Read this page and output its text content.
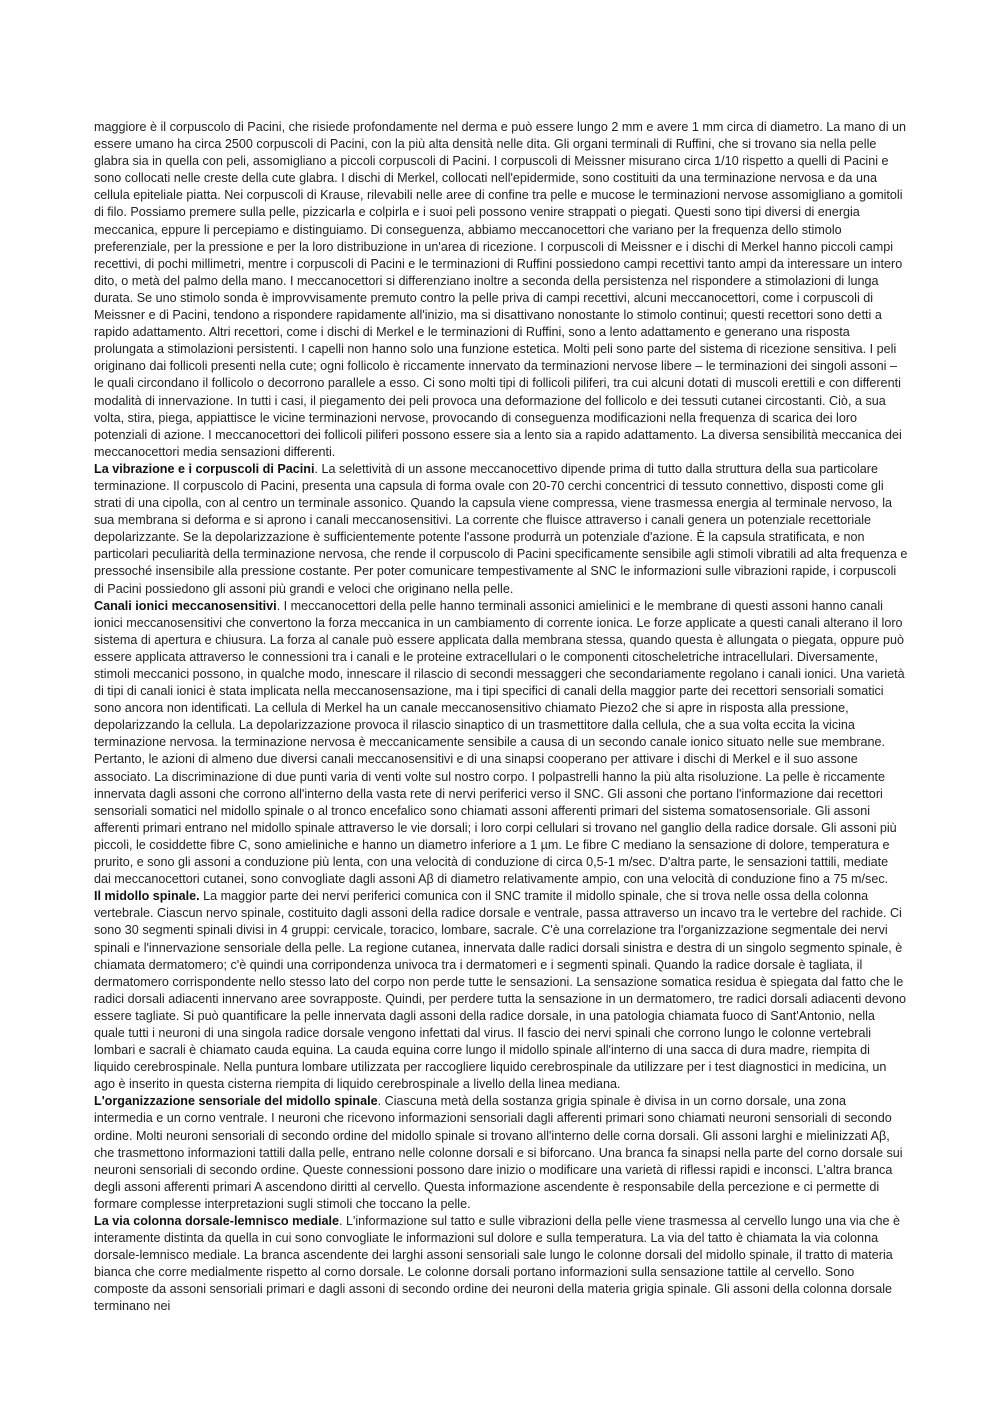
maggiore è il corpuscolo di Pacini, che risiede profondamente nel derma e può essere lungo 2 mm e avere 1 mm circa di diametro. La mano di un essere umano ha circa 2500 corpuscoli di Pacini, con la più alta densità nelle dita. Gli organi terminali di Ruffini, che si trovano sia nella pelle glabra sia in quella con peli, assomigliano a piccoli corpuscoli di Pacini. I corpuscoli di Meissner misurano circa 1/10 rispetto a quelli di Pacini e sono collocati nelle creste della cute glabra. I dischi di Merkel, collocati nell'epidermide, sono costituiti da una terminazione nervosa e da una cellula epiteliale piatta. Nei corpuscoli di Krause, rilevabili nelle aree di confine tra pelle e mucose le terminazioni nervose assomigliano a gomitoli di filo. Possiamo premere sulla pelle, pizzicarla e colpirla e i suoi peli possono venire strappati o piegati. Questi sono tipi diversi di energia meccanica, eppure li percepiamo e distinguiamo. Di conseguenza, abbiamo meccanocettori che variano per la frequenza dello stimolo preferenziale, per la pressione e per la loro distribuzione in un'area di ricezione. I corpuscoli di Meissner e i dischi di Merkel hanno piccoli campi recettivi, di pochi millimetri, mentre i corpuscoli di Pacini e le terminazioni di Ruffini possiedono campi recettivi tanto ampi da interessare un intero dito, o metà del palmo della mano. I meccanocettori si differenziano inoltre a seconda della persistenza nel rispondere a stimolazioni di lunga durata. Se uno stimolo sonda è improvvisamente premuto contro la pelle priva di campi recettivi, alcuni meccanocettori, come i corpuscoli di Meissner e di Pacini, tendono a rispondere rapidamente all'inizio, ma si disattivano nonostante lo stimolo continui; questi recettori sono detti a rapido adattamento. Altri recettori, come i dischi di Merkel e le terminazioni di Ruffini, sono a lento adattamento e generano una risposta prolungata a stimolazioni persistenti. I capelli non hanno solo una funzione estetica. Molti peli sono parte del sistema di ricezione sensitiva. I peli originano dai follicoli presenti nella cute; ogni follicolo è riccamente innervato da terminazioni nervose libere – le terminazioni dei singoli assoni – le quali circondano il follicolo o decorrono parallele a esso. Ci sono molti tipi di follicoli piliferi, tra cui alcuni dotati di muscoli erettili e con differenti modalità di innervazione. In tutti i casi, il piegamento dei peli provoca una deformazione del follicolo e dei tessuti cutanei circostanti. Ciò, a sua volta, stira, piega, appiattisce le vicine terminazioni nervose, provocando di conseguenza modificazioni nella frequenza di scarica dei loro potenziali di azione. I meccanocettori dei follicoli piliferi possono essere sia a lento sia a rapido adattamento. La diversa sensibilità meccanica dei meccanocettori media sensazioni differenti.

La vibrazione e i corpuscoli di Pacini. La selettività di un assone meccanocettivo dipende prima di tutto dalla struttura della sua particolare terminazione. Il corpuscolo di Pacini, presenta una capsula di forma ovale con 20-70 cerchi concentrici di tessuto connettivo, disposti come gli strati di una cipolla, con al centro un terminale assonico. Quando la capsula viene compressa, viene trasmessa energia al terminale nervoso, la sua membrana si deforma e si aprono i canali meccanosensitivi. La corrente che fluisce attraverso i canali genera un potenziale recettoriale depolarizzante. Se la depolarizzazione è sufficientemente potente l'assone produrrà un potenziale d'azione. È la capsula stratificata, e non particolari peculiarità della terminazione nervosa, che rende il corpuscolo di Pacini specificamente sensibile agli stimoli vibratili ad alta frequenza e pressoché insensibile alla pressione costante. Per poter comunicare tempestivamente al SNC le informazioni sulle vibrazioni rapide, i corpuscoli di Pacini possiedono gli assoni più grandi e veloci che originano nella pelle.

Canali ionici meccanosensitivi. I meccanocettori della pelle hanno terminali assonici amielinici e le membrane di questi assoni hanno canali ionici meccanosensitivi che convertono la forza meccanica in un cambiamento di corrente ionica. Le forze applicate a questi canali alterano il loro sistema di apertura e chiusura. La forza al canale può essere applicata dalla membrana stessa, quando questa è allungata o piegata, oppure può essere applicata attraverso le connessioni tra i canali e le proteine extracellulari o le componenti citoscheletriche intracellulari. Diversamente, stimoli meccanici possono, in qualche modo, innescare il rilascio di secondi messaggeri che secondariamente regolano i canali ionici. Una varietà di tipi di canali ionici è stata implicata nella meccanosensazione, ma i tipi specifici di canali della maggior parte dei recettori sensoriali somatici sono ancora non identificati. La cellula di Merkel ha un canale meccanosensitivo chiamato Piezo2 che si apre in risposta alla pressione, depolarizzando la cellula. La depolarizzazione provoca il rilascio sinaptico di un trasmettitore dalla cellula, che a sua volta eccita la vicina terminazione nervosa. la terminazione nervosa è meccanicamente sensibile a causa di un secondo canale ionico situato nelle sue membrane. Pertanto, le azioni di almeno due diversi canali meccanosensitivi e di una sinapsi cooperano per attivare i dischi di Merkel e il suo assone associato. La discriminazione di due punti varia di venti volte sul nostro corpo. I polpastrelli hanno la più alta risoluzione. La pelle è riccamente innervata dagli assoni che corrono all'interno della vasta rete di nervi periferici verso il SNC. Gli assoni che portano l'informazione dai recettori sensoriali somatici nel midollo spinale o al tronco encefalico sono chiamati assoni afferenti primari del sistema somatosensoriale. Gli assoni afferenti primari entrano nel midollo spinale attraverso le vie dorsali; i loro corpi cellulari si trovano nel ganglio della radice dorsale. Gli assoni più piccoli, le cosiddette fibre C, sono amieliniche e hanno un diametro inferiore a 1 µm. Le fibre C mediano la sensazione di dolore, temperatura e prurito, e sono gli assoni a conduzione più lenta, con una velocità di conduzione di circa 0,5-1 m/sec. D'altra parte, le sensazioni tattili, mediate dai meccanocettori cutanei, sono convogliate dagli assoni Aβ di diametro relativamente ampio, con una velocità di conduzione fino a 75 m/sec.

Il midollo spinale. La maggior parte dei nervi periferici comunica con il SNC tramite il midollo spinale, che si trova nelle ossa della colonna vertebrale. Ciascun nervo spinale, costituito dagli assoni della radice dorsale e ventrale, passa attraverso un incavo tra le vertebre del rachide. Ci sono 30 segmenti spinali divisi in 4 gruppi: cervicale, toracico, lombare, sacrale. C'è una correlazione tra l'organizzazione segmentale dei nervi spinali e l'innervazione sensoriale della pelle. La regione cutanea, innervata dalle radici dorsali sinistra e destra di un singolo segmento spinale, è chiamata dermatomero; c'è quindi una corripondenza univoca tra i dermatomeri e i segmenti spinali. Quando la radice dorsale è tagliata, il dermatomero corrispondente nello stesso lato del corpo non perde tutte le sensazioni. La sensazione somatica residua è spiegata dal fatto che le radici dorsali adiacenti innervano aree sovrapposte. Quindi, per perdere tutta la sensazione in un dermatomero, tre radici dorsali adiacenti devono essere tagliate. Si può quantificare la pelle innervata dagli assoni della radice dorsale, in una patologia chiamata fuoco di Sant'Antonio, nella quale tutti i neuroni di una singola radice dorsale vengono infettati dal virus. Il fascio dei nervi spinali che corrono lungo le colonne vertebrali lombari e sacrali è chiamato cauda equina. La cauda equina corre lungo il midollo spinale all'interno di una sacca di dura madre, riempita di liquido cerebrospinale. Nella puntura lombare utilizzata per raccogliere liquido cerebrospinale da utilizzare per i test diagnostici in medicina, un ago è inserito in questa cisterna riempita di liquido cerebrospinale a livello della linea mediana.

L'organizzazione sensoriale del midollo spinale. Ciascuna metà della sostanza grigia spinale è divisa in un corno dorsale, una zona intermedia e un corno ventrale. I neuroni che ricevono informazioni sensoriali dagli afferenti primari sono chiamati neuroni sensoriali di secondo ordine. Molti neuroni sensoriali di secondo ordine del midollo spinale si trovano all'interno delle corna dorsali. Gli assoni larghi e mielinizzati Aβ, che trasmettono informazioni tattili dalla pelle, entrano nelle colonne dorsali e si biforcano. Una branca fa sinapsi nella parte del corno dorsale sui neuroni sensoriali di secondo ordine. Queste connessioni possono dare inizio o modificare una varietà di riflessi rapidi e inconsci. L'altra branca degli assoni afferenti primari A ascendono diritti al cervello. Questa informazione ascendente è responsabile della percezione e ci permette di formare complesse interpretazioni sugli stimoli che toccano la pelle.

La via colonna dorsale-lemnisco mediale. L'informazione sul tatto e sulle vibrazioni della pelle viene trasmessa al cervello lungo una via che è interamente distinta da quella in cui sono convogliate le informazioni sul dolore e sulla temperatura. La via del tatto è chiamata la via colonna dorsale-lemnisco mediale. La branca ascendente dei larghi assoni sensoriali sale lungo le colonne dorsali del midollo spinale, il tratto di materia bianca che corre medialmente rispetto al corno dorsale. Le colonne dorsali portano informazioni sulla sensazione tattile al cervello. Sono composte da assoni sensoriali primari e dagli assoni di secondo ordine dei neuroni della materia grigia spinale. Gli assoni della colonna dorsale terminano nei
